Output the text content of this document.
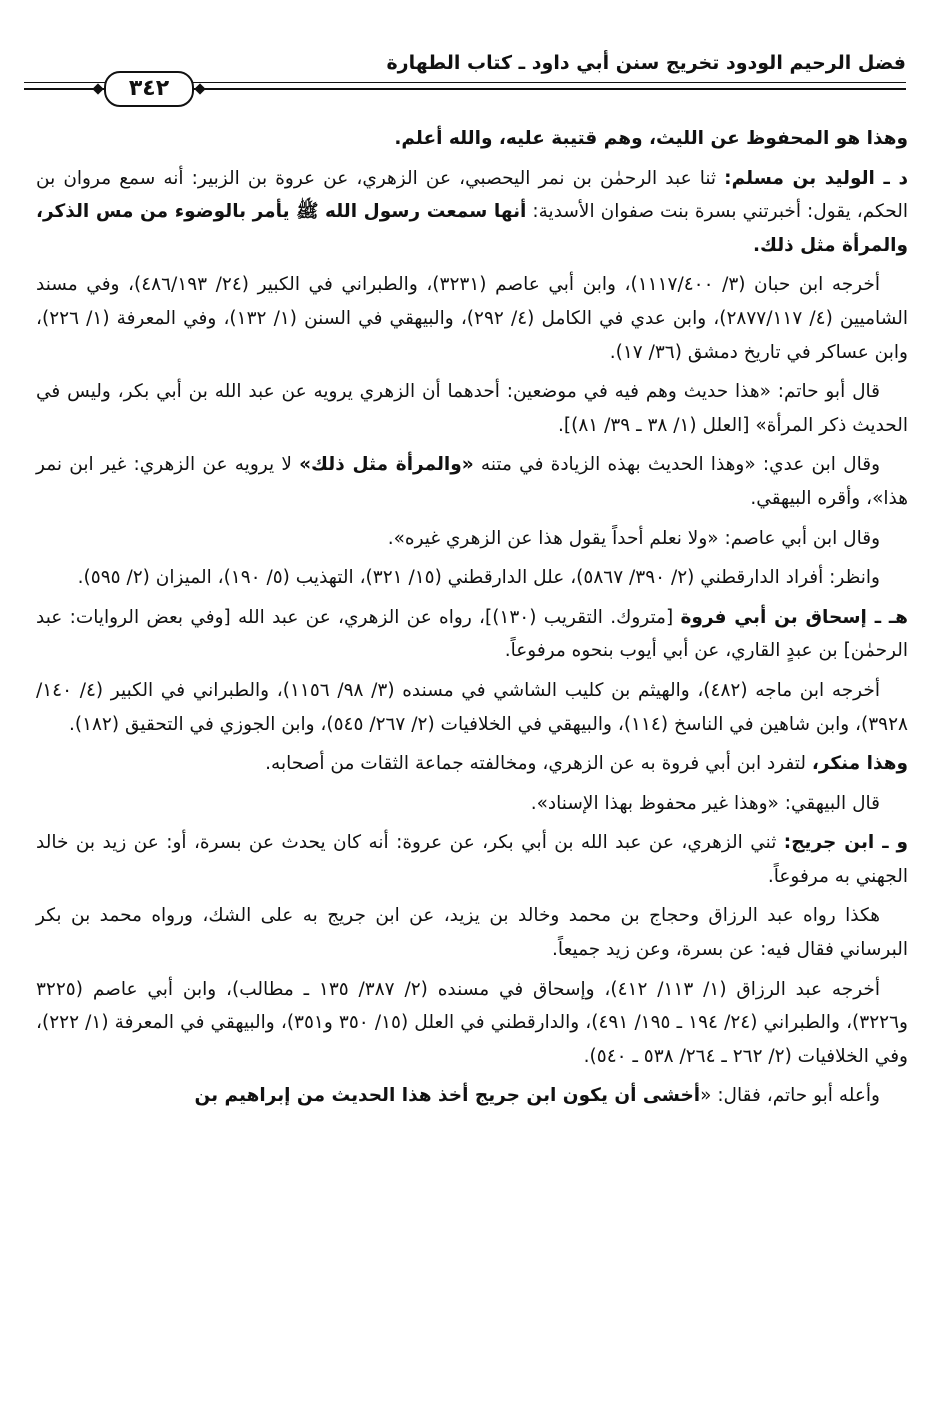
فضل الرحيم الودود تخريج سنن أبي داود ـ كتاب الطهارة
٣٤٢

وهذا هو المحفوظ عن الليث، وهم قتيبة عليه، والله أعلم.

د ـ الوليد بن مسلم: ثنا عبد الرحمٰن بن نمر اليحصبي، عن الزهري، عن عروة بن الزبير: أنه سمع مروان بن الحكم، يقول: أخبرتني بسرة بنت صفوان الأسدية: أنها سمعت رسول الله ﷺ يأمر بالوضوء من مس الذكر، والمرأة مثل ذلك.

أخرجه ابن حبان (٣/ ١١١٧/٤٠٠)، وابن أبي عاصم (٣٢٣١)، والطبراني في الكبير (٢٤/ ٤٨٦/١٩٣)، وفي مسند الشاميين (٤/ ٢٨٧٧/١١٧)، وابن عدي في الكامل (٤/ ٢٩٢)، والبيهقي في السنن (١/ ١٣٢)، وفي المعرفة (١/ ٢٢٦)، وابن عساكر في تاريخ دمشق (٣٦/ ١٧).

قال أبو حاتم: «هذا حديث وهم فيه في موضعين: أحدهما أن الزهري يرويه عن عبد الله بن أبي بكر، وليس في الحديث ذكر المرأة» [العلل (١/ ٣٨ ـ ٣٩/ ٨١)].

وقال ابن عدي: «وهذا الحديث بهذه الزيادة في متنه «والمرأة مثل ذلك» لا يرويه عن الزهري: غير ابن نمر هذا»، وأقره البيهقي.

وقال ابن أبي عاصم: «ولا نعلم أحداً يقول هذا عن الزهري غيره».

وانظر: أفراد الدارقطني (٢/ ٣٩٠/ ٥٨٦٧)، علل الدارقطني (١٥/ ٣٢١)، التهذيب (٥/ ١٩٠)، الميزان (٢/ ٥٩٥).

هـ ـ إسحاق بن أبي فروة [متروك. التقريب (١٣٠)]، رواه عن الزهري، عن عبد الله [وفي بعض الروايات: عبد الرحمٰن] بن عبدٍ القاري، عن أبي أيوب بنحوه مرفوعاً.

أخرجه ابن ماجه (٤٨٢)، والهيثم بن كليب الشاشي في مسنده (٣/ ٩٨/ ١١٥٦)، والطبراني في الكبير (٤/ ١٤٠/ ٣٩٢٨)، وابن شاهين في الناسخ (١١٤)، والبيهقي في الخلافيات (٢/ ٢٦٧/ ٥٤٥)، وابن الجوزي في التحقيق (١٨٢).

وهذا منكر، لتفرد ابن أبي فروة به عن الزهري، ومخالفته جماعة الثقات من أصحابه.

قال البيهقي: «وهذا غير محفوظ بهذا الإسناد».

و ـ ابن جريج: ثني الزهري، عن عبد الله بن أبي بكر، عن عروة: أنه كان يحدث عن بسرة، أو: عن زيد بن خالد الجهني به مرفوعاً.

هكذا رواه عبد الرزاق وحجاج بن محمد وخالد بن يزيد، عن ابن جريج به على الشك، ورواه محمد بن بكر البرساني فقال فيه: عن بسرة، وعن زيد جميعاً.

أخرجه عبد الرزاق (١/ ١١٣/ ٤١٢)، وإسحاق في مسنده (٢/ ٣٨٧/ ١٣٥ ـ مطالب)، وابن أبي عاصم (٣٢٢٥ و٣٢٢٦)، والطبراني (٢٤/ ١٩٤ ـ ١٩٥/ ٤٩١)، والدارقطني في العلل (١٥/ ٣٥٠ و٣٥١)، والبيهقي في المعرفة (١/ ٢٢٢)، وفي الخلافيات (٢/ ٢٦٢ ـ ٢٦٤/ ٥٣٨ ـ ٥٤٠).

وأعله أبو حاتم، فقال: «أخشى أن يكون ابن جريج أخذ هذا الحديث من إبراهيم بن
